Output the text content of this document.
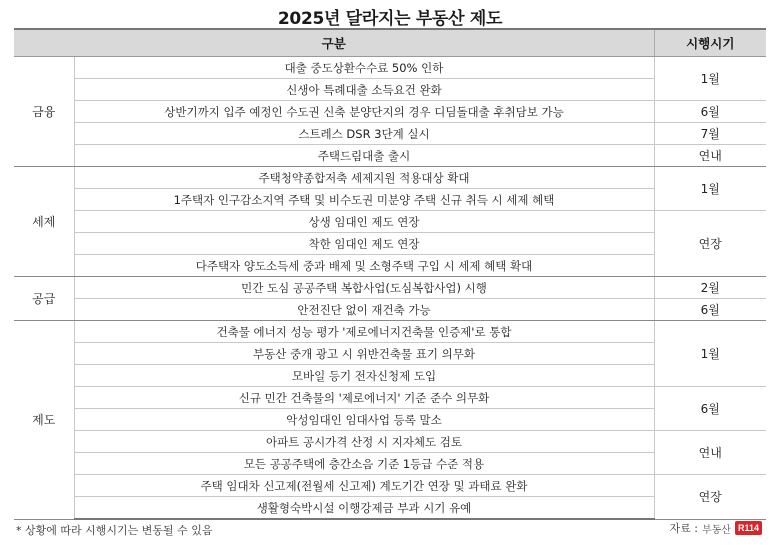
2025년 달라지는 부동산 제도
구분		시행시기
금융	대출 중도상환수수료 50% 인하	1월
	신생아 특례대출 소득요건 완화	
	상반기까지 입주 예정인 수도권 신축 분양단지의 경우 디딤돌대출 후취담보 가능	6월
	스트레스 DSR 3단계 실시	7월
	주택드림대출 출시	연내
세제	주택청약종합저축 세제지원 적용대상 확대	1월
	1주택자 인구감소지역 주택 및 비수도권 미분양 주택 신규 취득 시 세제 혜택	
	상생 임대인 제도 연장	연장
	착한 임대인 제도 연장	
	다주택자 양도소득세 중과 배제 및 소형주택 구입 시 세제 혜택 확대	
공급	민간 도심 공공주택 복합사업(도심복합사업) 시행	2월
	안전진단 없이 재건축 가능	6월
제도	건축물 에너지 성능 평가 '제로에너지건축물 인증제'로 통합	1월
	부동산 중개 광고 시 위반건축물 표기 의무화	
	모바일 등기 전자신청제 도입	
	신규 민간 건축물의 '제로에너지' 기준 준수 의무화	6월
	악성임대인 임대사업 등록 말소	
	아파트 공시가격 산정 시 지자체도 검토	연내
	모든 공공주택에 층간소음 기준 1등급 수준 적용	
	주택 임대차 신고제(전월세 신고제) 계도기간 연장 및 과태료 완화	연장
	생활형숙박시설 이행강제금 부과 시기 유예	
* 상황에 따라 시행시기는 변동될 수 있음	자료 : 부동산 R114
